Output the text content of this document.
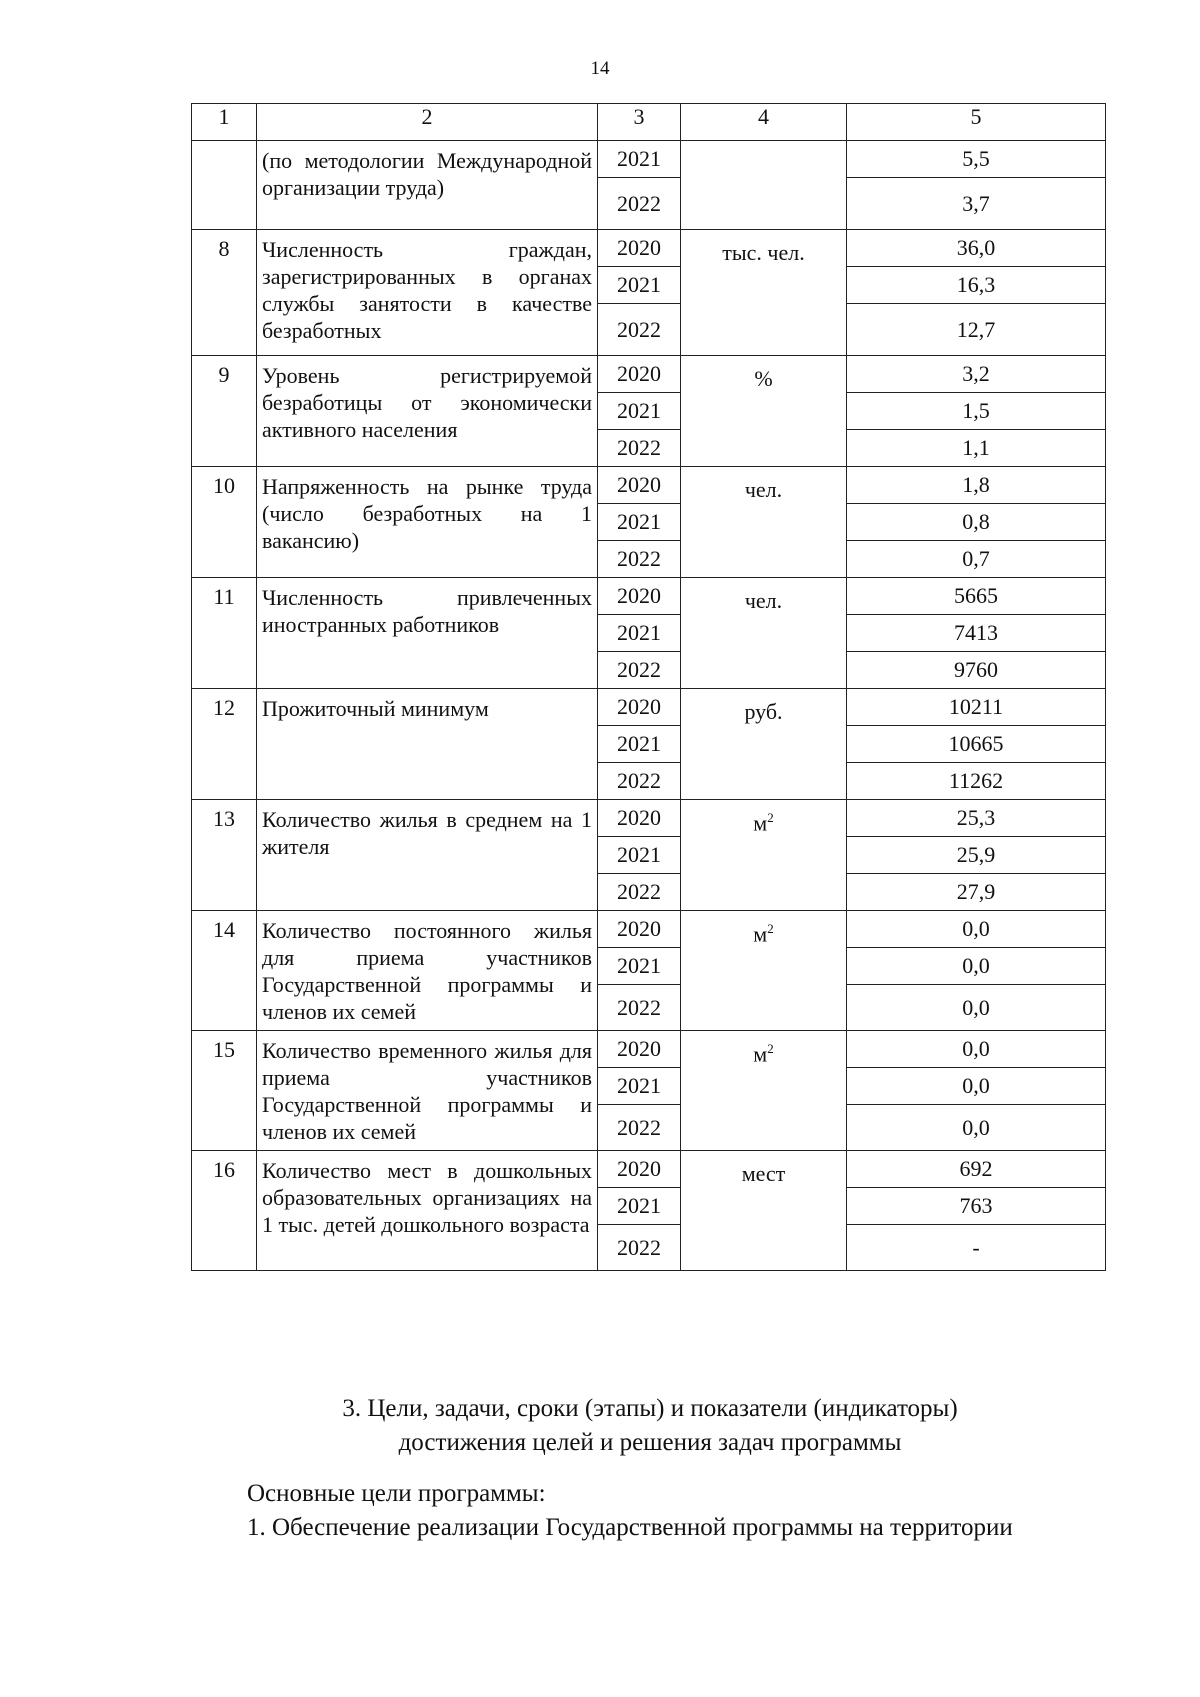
14
1	2	3	4	5
	(по методологии Международной организации труда)	2021		5,5
		2022		3,7
8	Численность граждан, зарегистрированных в органах службы занятости в качестве безработных	2020	тыс. чел.	36,0
		2021		16,3
		2022		12,7
9	Уровень регистрируемой безработицы от экономически активного населения	2020	%	3,2
		2021		1,5
		2022		1,1
10	Напряженность на рынке труда (число безработных на 1 вакансию)	2020	чел.	1,8
		2021		0,8
		2022		0,7
11	Численность привлеченных иностранных работников	2020	чел.	5665
		2021		7413
		2022		9760
12	Прожиточный минимум	2020	руб.	10211
		2021		10665
		2022		11262
13	Количество жилья в среднем на 1 жителя	2020	$м^2$	25,3
		2021		25,9
		2022		27,9
14	Количество постоянного жилья для приема участников Государственной программы и членов их семей	2020	$м^2$	0,0
		2021		0,0
		2022		0,0
15	Количество временного жилья для приема участников Государственной программы и членов их семей	2020	$м^2$	0,0
		2021		0,0
		2022		0,0
16	Количество мест в дошкольных образовательных организациях на 1 тыс. детей дошкольного возраста	2020	мест	692
		2021		763
		2022		-
3. Цели, задачи, сроки (этапы) и показатели (индикаторы)
достижения целей и решения задач программы
Основные цели программы:
1. Обеспечение реализации Государственной программы на территории
